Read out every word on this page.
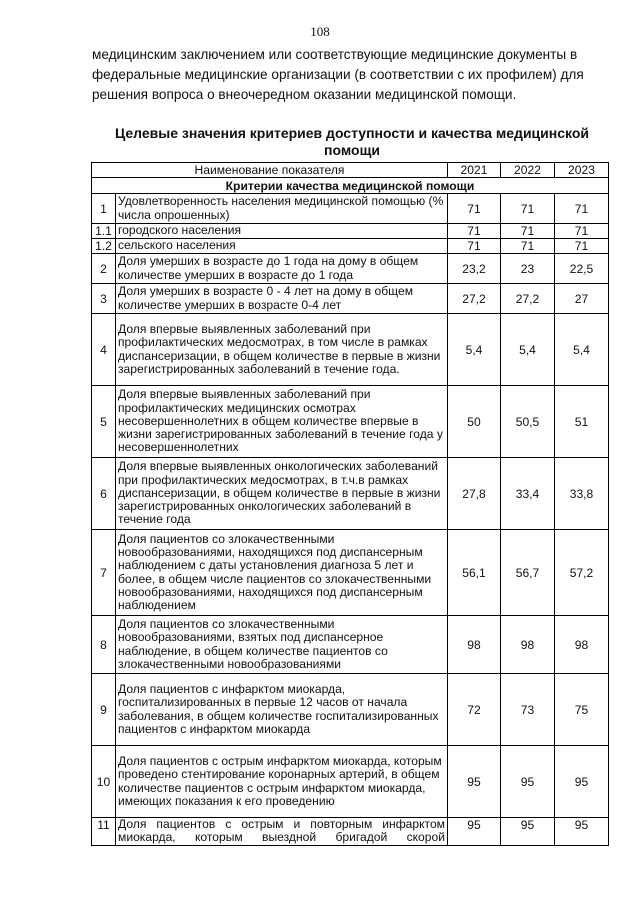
108
медицинским заключением или соответствующие медицинские документы в
федеральные медицинские организации (в соответствии с их профилем) для
решения вопроса о внеочередном оказании медицинской помощи.
Целевые значения критериев доступности и качества медицинской
помощи
Наименование показателя		2021	2022	2023
Критерии качества медицинской помощи				
1	Удовлетворенность населения медицинской помощью (% числа опрошенных)	71	71	71
1.1	городского населения	71	71	71
1.2	сельского населения	71	71	71
2	Доля умерших в возрасте до 1 года на дому в общем количестве умерших в возрасте до 1 года	23,2	23	22,5
3	Доля умерших в возрасте 0 - 4 лет на дому в общем количестве умерших в возрасте 0-4 лет	27,2	27,2	27
4	Доля впервые выявленных заболеваний при профилактических медосмотрах, в том числе в рамках диспансеризации, в общем количестве в первые в жизни зарегистрированных заболеваний в течение года.	5,4	5,4	5,4
5	Доля впервые выявленных заболеваний при профилактических медицинских осмотрах несовершеннолетних в общем количестве впервые в жизни зарегистрированных заболеваний в течение года у несовершеннолетних	50	50,5	51
6	Доля впервые выявленных онкологических заболеваний при профилактических медосмотрах, в т.ч.в рамках диспансеризации, в общем количестве в первые в жизни зарегистрированных онкологических заболеваний в течение года	27,8	33,4	33,8
7	Доля пациентов со злокачественными новообразованиями, находящихся под диспансерным наблюдением с даты установления диагноза 5 лет и более, в общем числе пациентов со злокачественными новообразованиями, находящихся под диспансерным наблюдением	56,1	56,7	57,2
8	Доля пациентов со злокачественными новообразованиями, взятых под диспансерное наблюдение, в общем количестве пациентов со злокачественными новообразованиями	98	98	98
9	Доля пациентов с инфарктом миокарда, госпитализированных в первые 12 часов от начала заболевания, в общем количестве госпитализированных пациентов с инфарктом миокарда	72	73	75
10	Доля пациентов с острым инфарктом миокарда, которым проведено стентирование коронарных артерий, в общем количестве пациентов с острым инфарктом миокарда, имеющих показания к его проведению	95	95	95
11	Доля пациентов с острым и повторным инфарктом миокарда, которым выездной бригадой скорой	95	95	95
